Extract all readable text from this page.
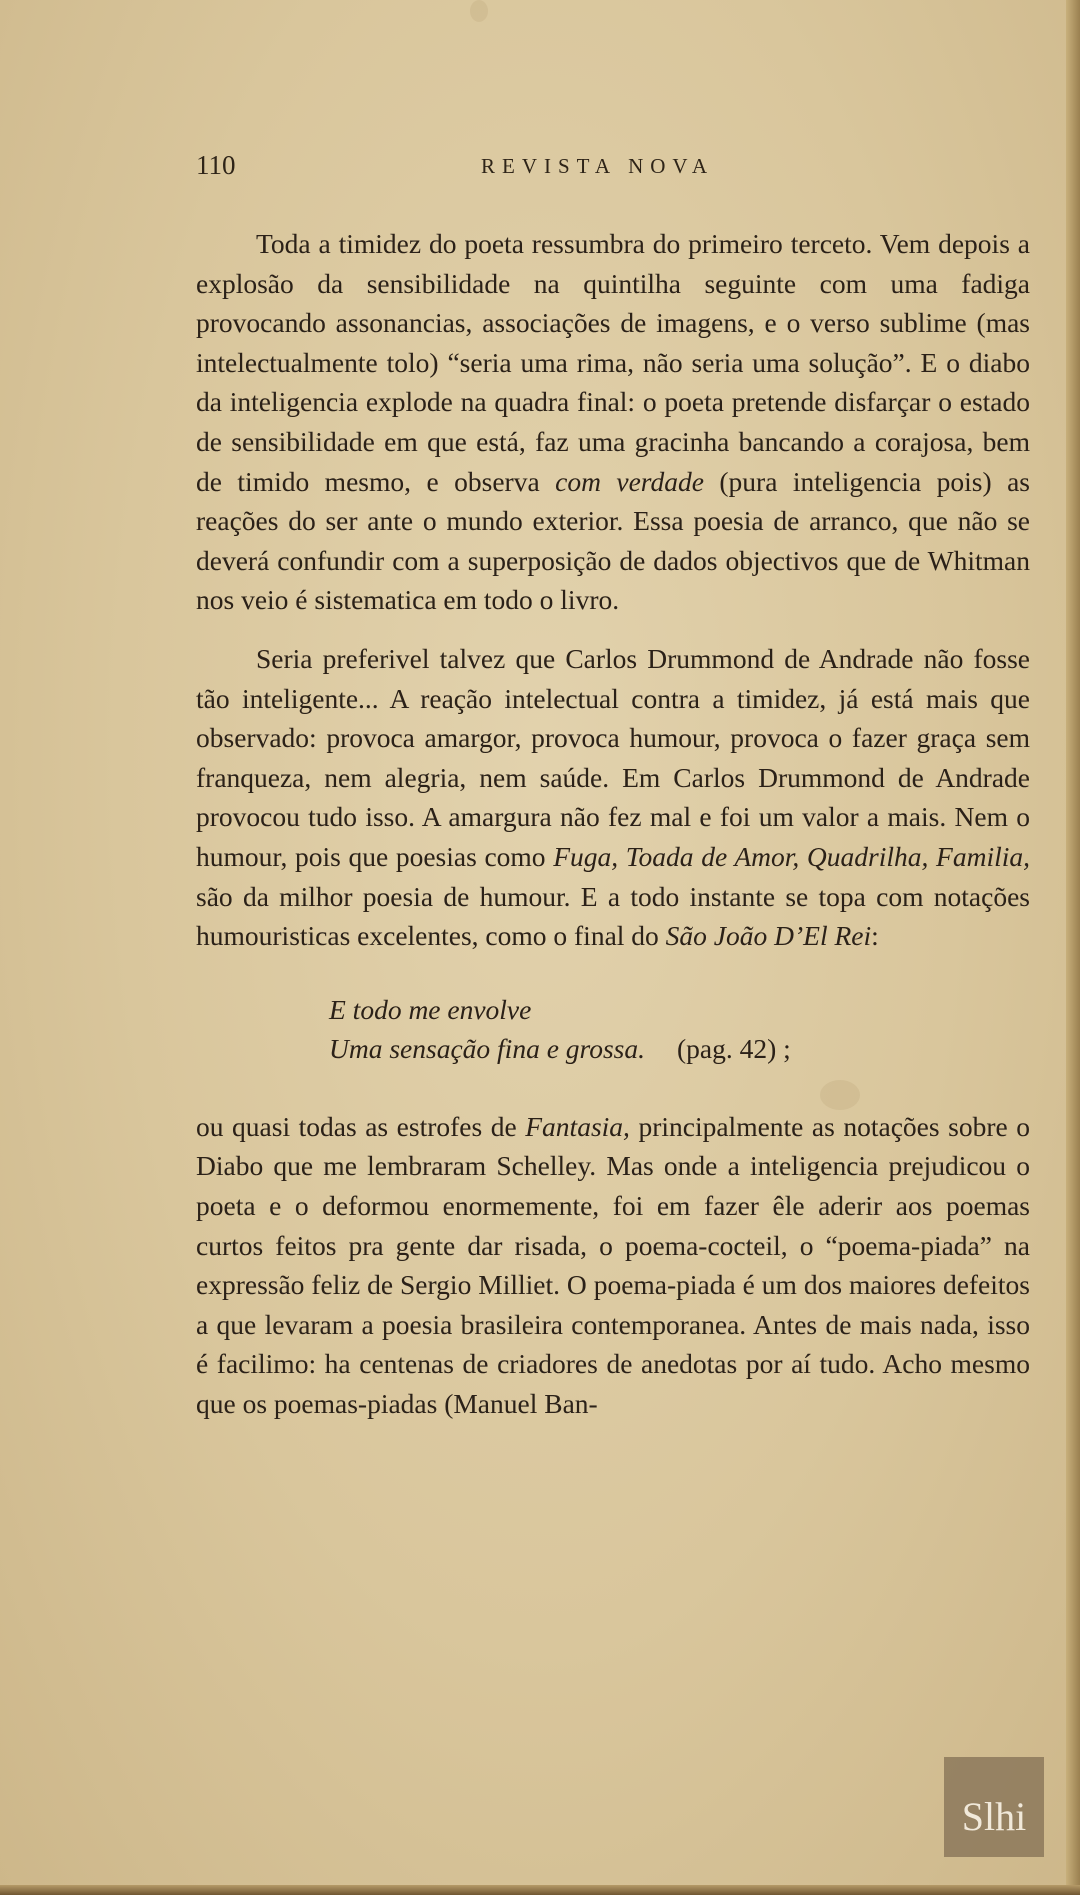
110	REVISTA NOVA

Toda a timidez do poeta ressumbra do primeiro terceto. Vem depois a explosão da sensibilidade na quintilha seguinte com uma fadiga provocando assonancias, associações de imagens, e o verso sublime (mas intelectualmente tolo) “seria uma rima, não seria uma solução”. E o diabo da inteligencia explode na quadra final: o poeta pretende disfarçar o estado de sensibilidade em que está, faz uma gracinha bancando a corajosa, bem de timido mesmo, e observa com verdade (pura inteligencia pois) as reações do ser ante o mundo exterior. Essa poesia de arranco, que não se deverá confundir com a superposição de dados objectivos que de Whitman nos veio é sistematica em todo o livro.

Seria preferivel talvez que Carlos Drummond de Andrade não fosse tão inteligente... A reação intelectual contra a timidez, já está mais que observado: provoca amargor, provoca humour, provoca o fazer graça sem franqueza, nem alegria, nem saúde. Em Carlos Drummond de Andrade provocou tudo isso. A amargura não fez mal e foi um valor a mais. Nem o humour, pois que poesias como Fuga, Toada de Amor, Quadrilha, Familia, são da milhor poesia de humour. E a todo instante se topa com notações humouristicas excelentes, como o final do São João D’El Rei:

E todo me envolve
Uma sensação fina e grossa. (pag. 42) ;

ou quasi todas as estrofes de Fantasia, principalmente as notações sobre o Diabo que me lembraram Schelley. Mas onde a inteligencia prejudicou o poeta e o deformou enormemente, foi em fazer êle aderir aos poemas curtos feitos pra gente dar risada, o poema-cocteil, o “poema-piada” na expressão feliz de Sergio Milliet. O poema-piada é um dos maiores defeitos a que levaram a poesia brasileira contemporanea. Antes de mais nada, isso é facilimo: ha centenas de criadores de anedotas por aí tudo. Acho mesmo que os poemas-piadas (Manuel Ban-

Slhi
